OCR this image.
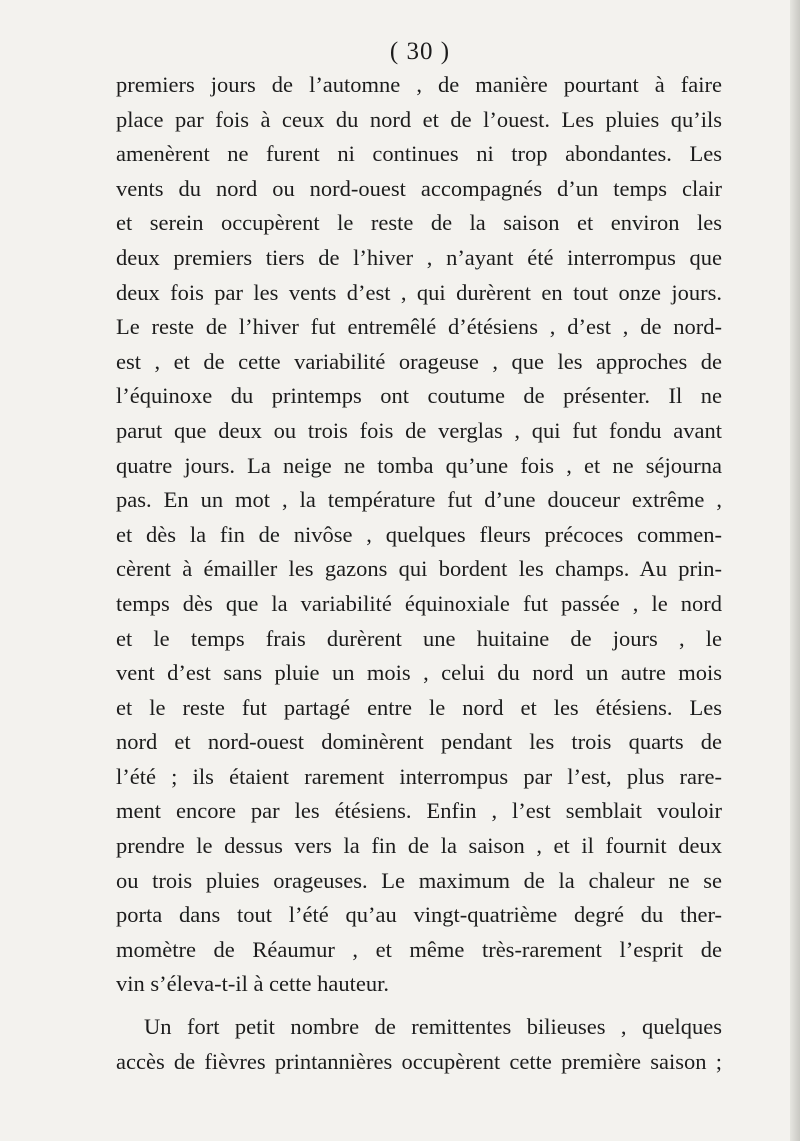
( 30 )
premiers jours de l’automne , de manière pourtant à faire
place par fois à ceux du nord et de l’ouest. Les pluies qu’ils
amenèrent ne furent ni continues ni trop abondantes. Les
vents du nord ou nord-ouest accompagnés d’un temps clair
et serein occupèrent le reste de la saison et environ les
deux premiers tiers de l’hiver , n’ayant été interrompus que
deux fois par les vents d’est , qui durèrent en tout onze jours.
Le reste de l’hiver fut entremêlé d’étésiens , d’est , de nord-
est , et de cette variabilité orageuse , que les approches de
l’équinoxe du printemps ont coutume de présenter. Il ne
parut que deux ou trois fois de verglas , qui fut fondu avant
quatre jours. La neige ne tomba qu’une fois , et ne séjourna
pas. En un mot , la température fut d’une douceur extrême ,
et dès la fin de nivôse , quelques fleurs précoces commen-
cèrent à émailler les gazons qui bordent les champs. Au prin-
temps dès que la variabilité équinoxiale fut passée , le nord
et le temps frais durèrent une huitaine de jours , le
vent d’est sans pluie un mois , celui du nord un autre mois
et le reste fut partagé entre le nord et les étésiens. Les
nord et nord-ouest dominèrent pendant les trois quarts de
l’été ; ils étaient rarement interrompus par l’est, plus rare-
ment encore par les étésiens. Enfin , l’est semblait vouloir
prendre le dessus vers la fin de la saison , et il fournit deux
ou trois pluies orageuses. Le maximum de la chaleur ne se
porta dans tout l’été qu’au vingt-quatrième degré du ther-
momètre de Réaumur , et même très-rarement l’esprit de
vin s’éleva-t-il à cette hauteur.
Un fort petit nombre de remittentes bilieuses , quelques
accès de fièvres printannières occupèrent cette première saison ;
